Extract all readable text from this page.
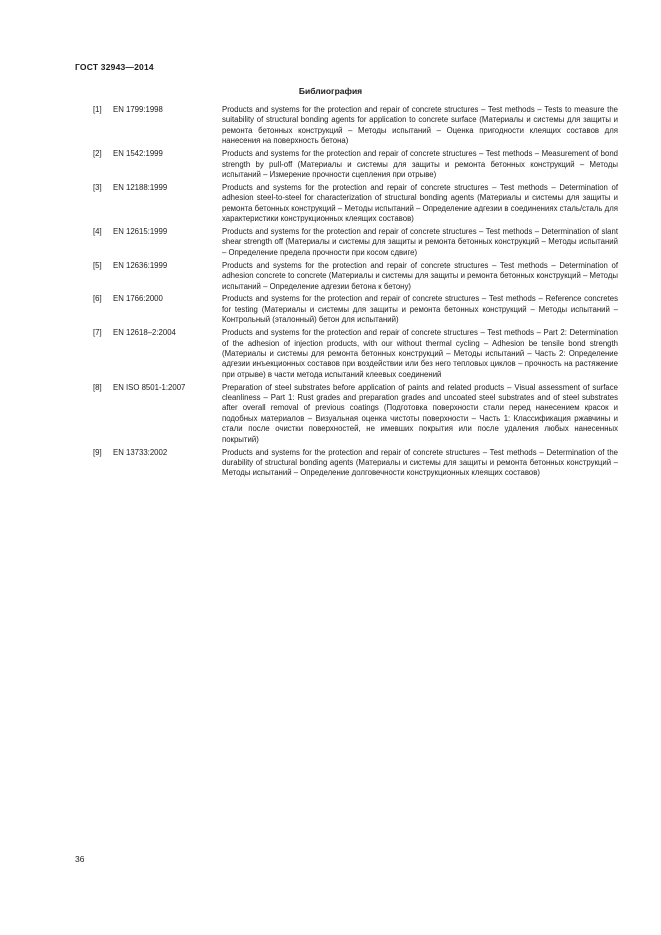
ГОСТ 32943—2014
Библиография
[1]	EN 1799:1998	Products and systems for the protection and repair of concrete structures – Test methods – Tests to measure the suitability of structural bonding agents for application to concrete surface (Материалы и системы для защиты и ремонта бетонных конструкций – Методы испытаний – Оценка пригодности клеящих составов для нанесения на поверхность бетона)
[2]	EN 1542:1999	Products and systems for the protection and repair of concrete structures – Test methods – Measurement of bond strength by pull-off (Материалы и системы для защиты и ремонта бетонных конструкций – Методы испытаний – Измерение прочности сцепления при отрыве)
[3]	EN 12188:1999	Products and systems for the protection and repair of concrete structures – Test methods – Determination of adhesion steel-to-steel for characterization of structural bonding agents (Материалы и системы для защиты и ремонта бетонных конструкций – Методы испытаний – Определение адгезии в соединениях сталь/сталь для характеристики конструкционных клеящих составов)
[4]	EN 12615:1999	Products and systems for the protection and repair of concrete structures – Test methods – Determination of slant shear strength off (Материалы и системы для защиты и ремонта бетонных конструкций – Методы испытаний – Определение предела прочности при косом сдвиге)
[5]	EN 12636:1999	Products and systems for the protection and repair of concrete structures – Test methods – Determination of adhesion concrete to concrete (Материалы и системы для защиты и ремонта бетонных конструкций – Методы испытаний – Определение адгезии бетона к бетону)
[6]	EN 1766:2000	Products and systems for the protection and repair of concrete structures – Test methods – Reference concretes for testing (Материалы и системы для защиты и ремонта бетонных конструкций – Методы испытаний – Контрольный (эталонный) бетон для испытаний)
[7]	EN 12618–2:2004	Products and systems for the protection and repair of concrete structures – Test methods – Part 2: Determination of the adhesion of injection products, with our without thermal cycling – Adhesion be tensile bond strength (Материалы и системы для ремонта бетонных конструкций – Методы испытаний – Часть 2: Определение адгезии инъекционных составов при воздействии или без него тепловых циклов – прочность на растяжение при отрыве) в части метода испытаний клеевых соединений
[8]	EN ISO 8501-1:2007	Preparation of steel substrates before application of paints and related products – Visual assessment of surface cleanliness – Part 1: Rust grades and preparation grades and uncoated steel substrates and of steel substrates after overall removal of previous coatings (Подготовка поверхности стали перед нанесением красок и подобных материалов – Визуальная оценка чистоты поверхности – Часть 1: Классификация ржавчины и стали после очистки поверхностей, не имевших покрытия или после удаления любых нанесенных покрытий)
[9]	EN 13733:2002	Products and systems for the protection and repair of concrete structures – Test methods – Determination of the durability of structural bonding agents (Материалы и системы для защиты и ремонта бетонных конструкций – Методы испытаний – Определение долговечности конструкционных клеящих составов)
36
